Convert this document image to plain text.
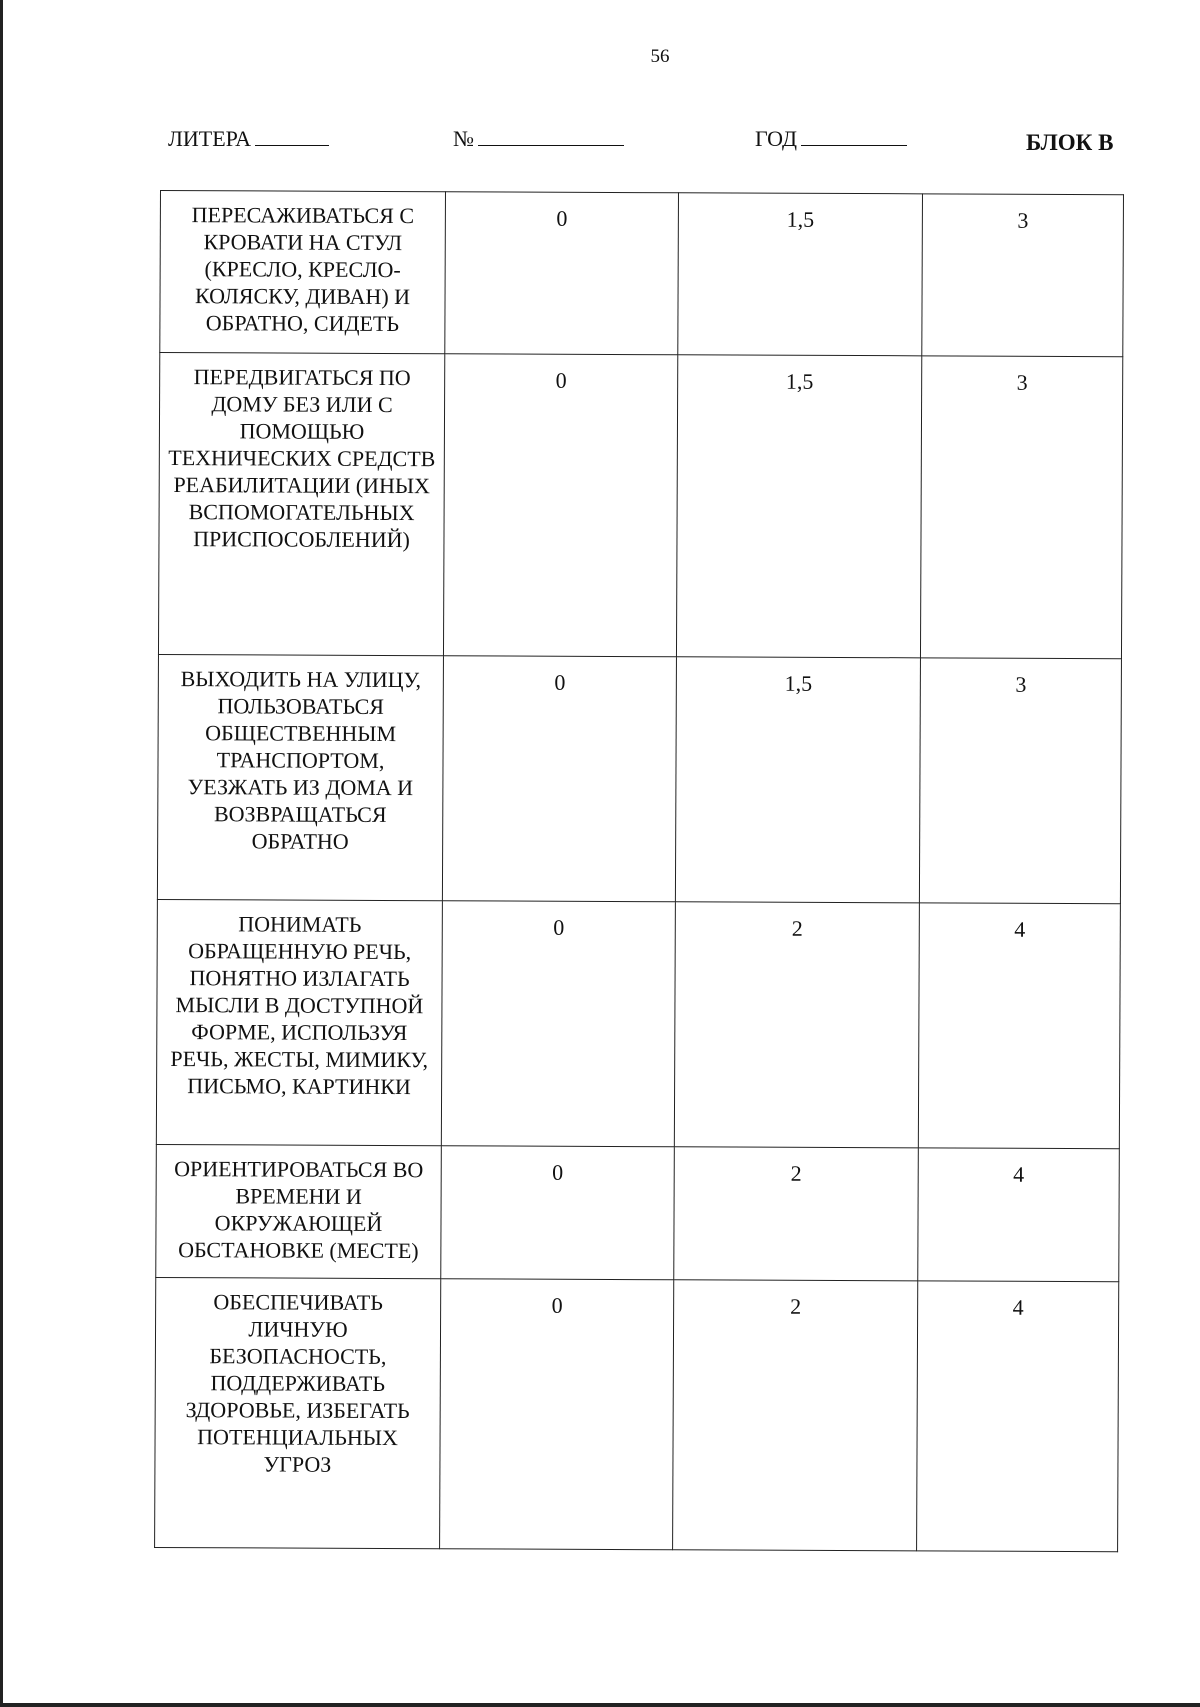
56
ЛИТЕРА	№	ГОД	БЛОК В
ПЕРЕСАЖИВАТЬСЯ С КРОВАТИ НА СТУЛ (КРЕСЛО, КРЕСЛО-КОЛЯСКУ, ДИВАН) И ОБРАТНО, СИДЕТЬ	0	1,5	3
ПЕРЕДВИГАТЬСЯ ПО ДОМУ БЕЗ ИЛИ С ПОМОЩЬЮ ТЕХНИЧЕСКИХ СРЕДСТВ РЕАБИЛИТАЦИИ (ИНЫХ ВСПОМОГАТЕЛЬНЫХ ПРИСПОСОБЛЕНИЙ)	0	1,5	3
ВЫХОДИТЬ НА УЛИЦУ, ПОЛЬЗОВАТЬСЯ ОБЩЕСТВЕННЫМ ТРАНСПОРТОМ, УЕЗЖАТЬ ИЗ ДОМА И ВОЗВРАЩАТЬСЯ ОБРАТНО	0	1,5	3
ПОНИМАТЬ ОБРАЩЕННУЮ РЕЧЬ, ПОНЯТНО ИЗЛАГАТЬ МЫСЛИ В ДОСТУПНОЙ ФОРМЕ, ИСПОЛЬЗУЯ РЕЧЬ, ЖЕСТЫ, МИМИКУ, ПИСЬМО, КАРТИНКИ	0	2	4
ОРИЕНТИРОВАТЬСЯ ВО ВРЕМЕНИ И ОКРУЖАЮЩЕЙ ОБСТАНОВКЕ (МЕСТЕ)	0	2	4
ОБЕСПЕЧИВАТЬ ЛИЧНУЮ БЕЗОПАСНОСТЬ, ПОДДЕРЖИВАТЬ ЗДОРОВЬЕ, ИЗБЕГАТЬ ПОТЕНЦИАЛЬНЫХ УГРОЗ	0	2	4
